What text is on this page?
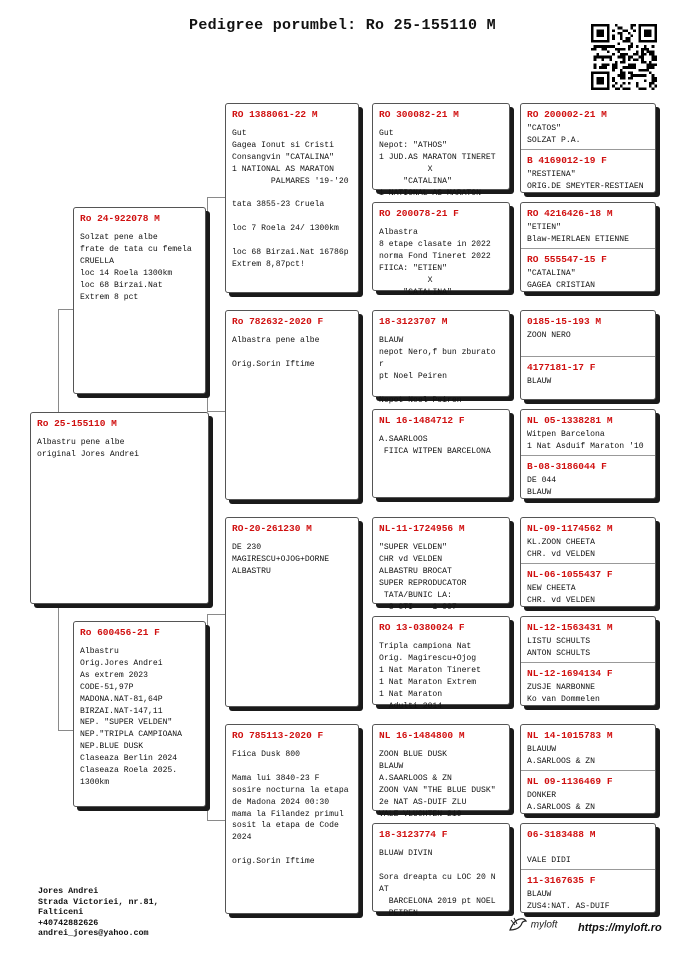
Pedigree porumbel: Ro 25-155110 M
Ro 25-155110 M
Albastru pene albe
original Jores Andrei
Ro 24-922078 M
Solzat pene albe
frate de tata cu femela
CRUELLA
loc 14 Roela 1300km
loc 68 Birzai.Nat
Extrem 8 pct
Ro 600456-21 F
Albastru
Orig.Jores Andrei
As extrem 2023
CODE-51,97P
MADONA.NAT-81,64P
BIRZAI.NAT-147,11
NEP. "SUPER VELDEN"
NEP."TRIPLA CAMPIOANA
NEP.BLUE DUSK
Claseaza Berlin 2024
Claseaza Roela 2025.
1300km
RO 1388061-22 M
Gut
Gagea Ionut si Cristi
Consangvin "CATALINA"
1 NATIONAL AS MARATON
PALMARES '19-'20

tata 3855-23 Cruela

loc 7 Roela 24/ 1300km

loc 68 Birzai.Nat 16786p
Extrem 8,87pct!
Ro 782632-2020 F
Albastra pene albe

Orig.Sorin Iftime
RO-20-261230 M
DE 230
MAGIRESCU+OJOG+DORNE
ALBASTRU
RO 785113-2020 F
Fiica Dusk 800

Mama lui 3840-23 F
sosire nocturna la etapa
de Madona 2024 00:30
mama la Filandez primul
sosit la etapa de Code
2024

orig.Sorin Iftime
RO 300082-21 M
Gut
Nepot: "ATHOS"
1 JUD.AS MARATON TINERET
X
"CATALINA"
1 NATIONAL AS MARATON
RO 200078-21 F
Albastra
8 etape clasate in 2022
norma Fond Tineret 2022
FIICA: "ETIEN"
X
"CATALINA"
18-3123707 M
BLAUW
nepot Nero,f bun zburato
r
pt Noel Peiren

Nepot Noel Peiren
NL 16-1484712 F
A.SAARLOOS
FIICA WITPEN BARCELONA
NL-11-1724956 M
"SUPER VELDEN"
CHR vd VELDEN
ALBASTRU BROCAT
SUPER REPRODUCATOR
TATA/BUNIC LA:
3 CTI    1 007
RO 13-0380024 F
Tripla campiona Nat
Orig. Magirescu+Ojog
1 Nat Maraton Tineret
1 Nat Maraton Extrem
1 Nat Maraton
Adulti 2014
NL 16-1484800 M
ZOON BLUE DUSK
BLAUW
A.SAARLOOS & ZN
ZOON VAN "THE BLUE DUSK"
2e NAT AS-DUIF ZLU
VALE VLUCHTEN 219
18-3123774 F
BLUAW DIVIN

Sora dreapta cu LOC 20 N
AT
BARCELONA 2019 pt NOEL
PEIREN
RO 200002-21 M
"CATOS"
SOLZAT P.A.
B 4169012-19 F
"RESTIENA"
ORIG.DE SMEYTER-RESTIAEN
RO 4216426-18 M
"ETIEN"
Blaw-MEIRLAEN ETIENNE
RO 555547-15 F
"CATALINA"
GAGEA CRISTIAN
0185-15-193 M
ZOON NERO
4177181-17 F
BLAUW
NL 05-1338281 M
Witpen Barcelona
1 Nat Asduif Maraton '10
B-08-3186044 F
DE 044
BLAUW
NL-09-1174562 M
KL.ZOON CHEETA
CHR. vd VELDEN
NL-06-1055437 F
NEW CHEETA
CHR. vd VELDEN
NL-12-1563431 M
LISTU SCHULTS
ANTON SCHULTS
NL-12-1694134 F
ZUSJE NARBONNE
Ko van Dommelen
NL 14-1015783 M
BLAUUW
A.SARLOOS & ZN
NL 09-1136469 F
DONKER
A.SARLOOS & ZN
06-3183488 M

VALE DIDI
11-3167635 F
BLAUW
ZUS4:NAT. AS-DUIF
Jores Andrei
Strada Victoriei, nr.81,
Falticeni
+40742882626
andrei_jores@yahoo.com
myloft https://myloft.ro
